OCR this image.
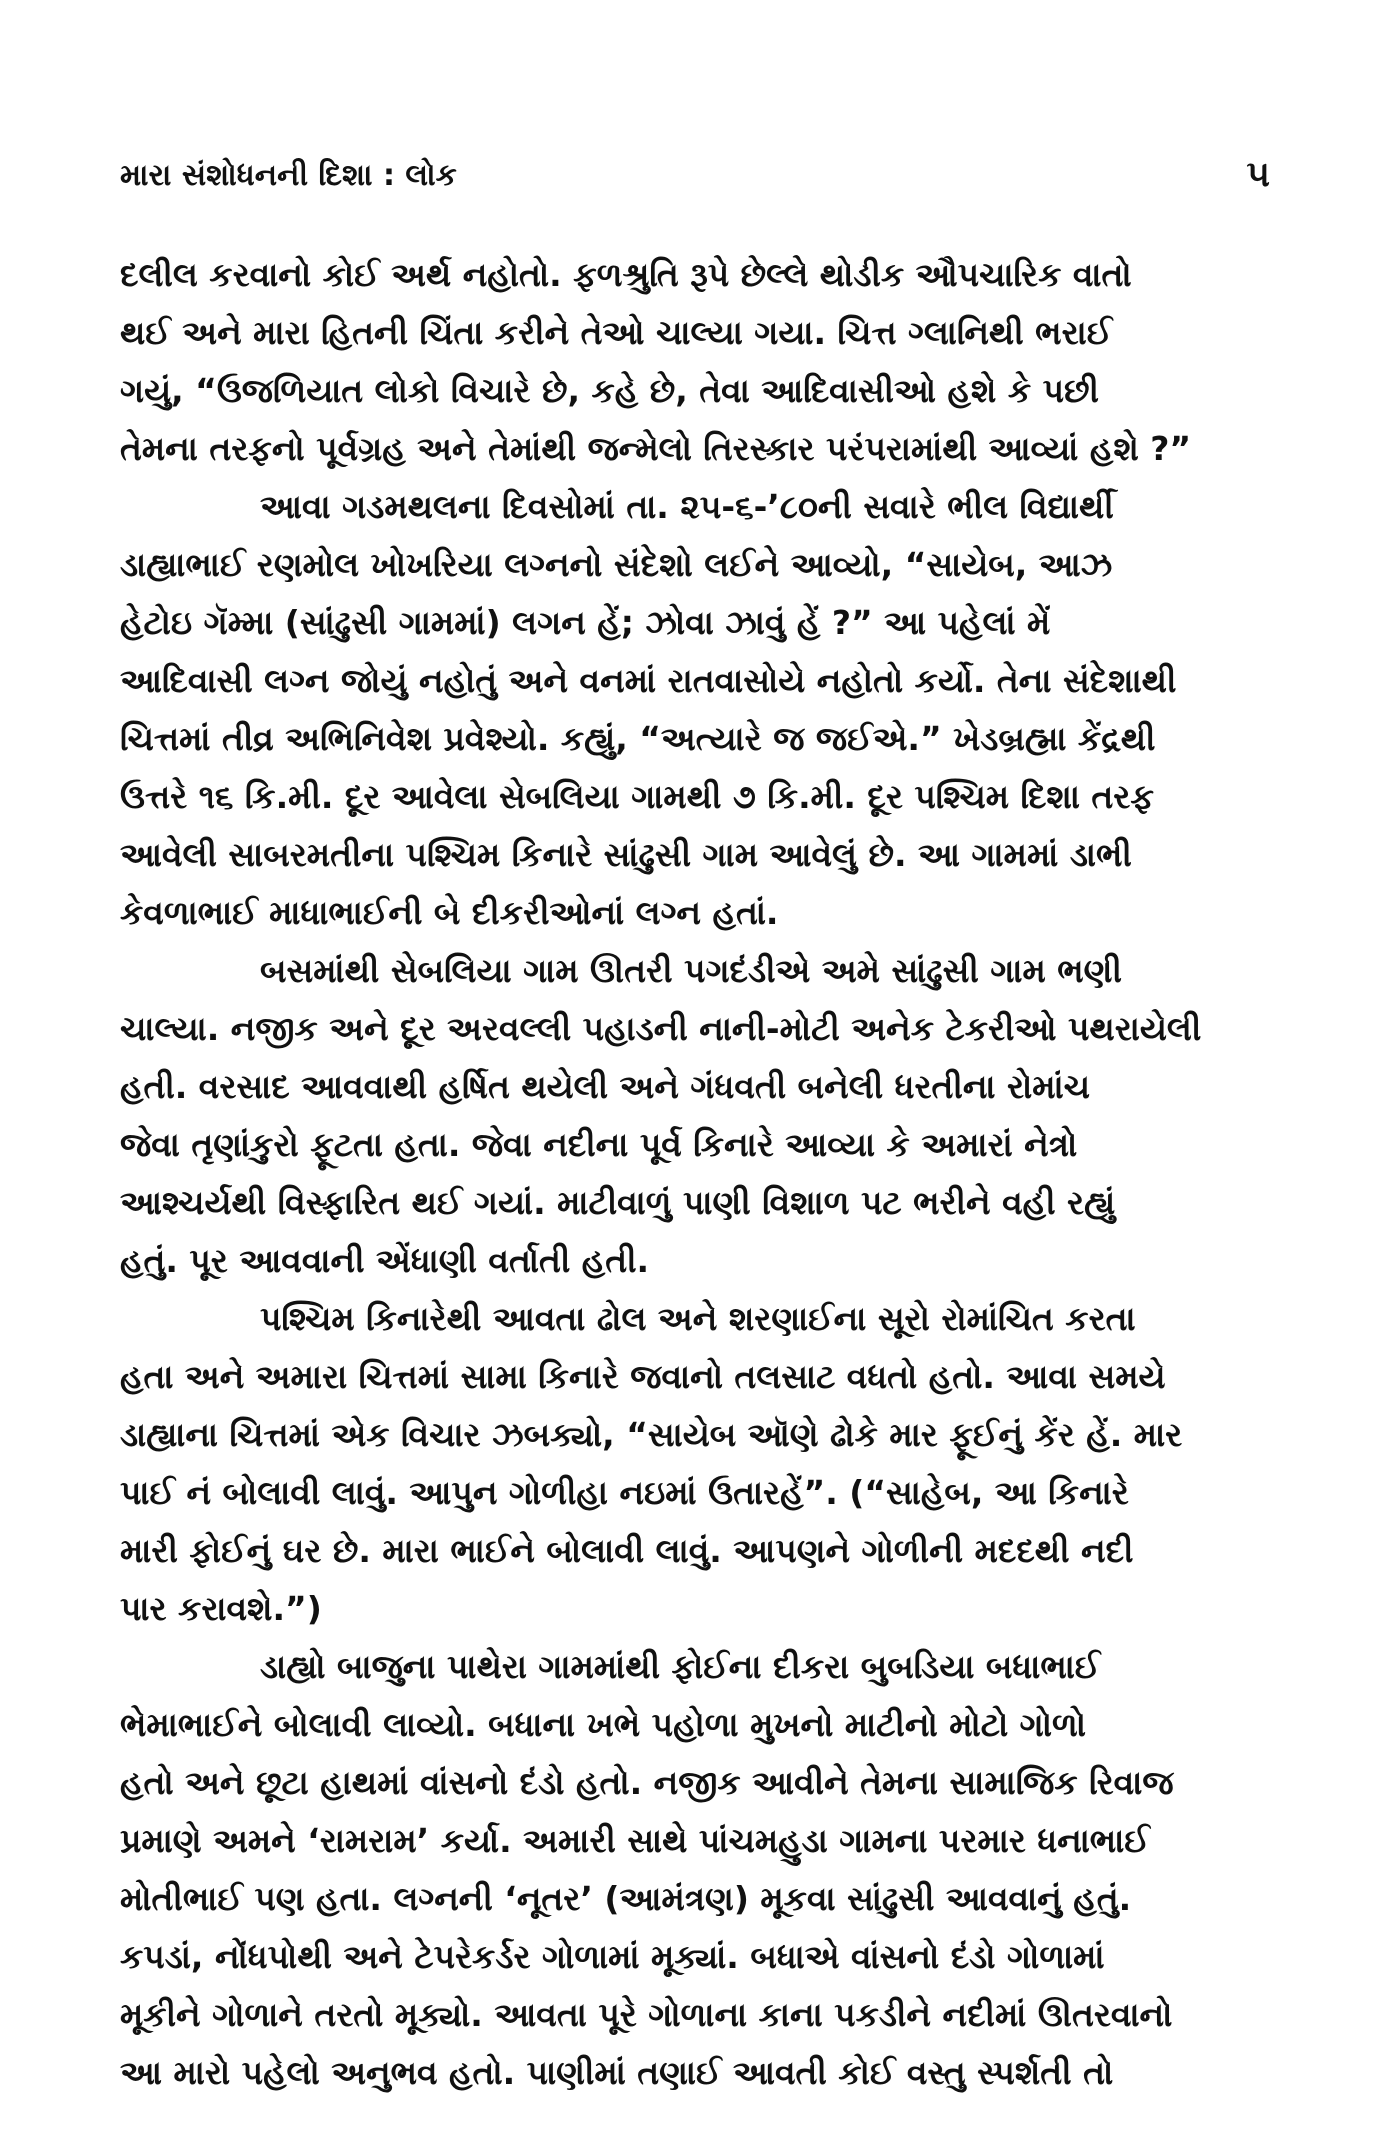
મારા સંશોધનની દિશા : લોક	૫
દલીલ કરવાનો કોઈ અર્થ નહોતો. ફળશ્રુતિ રૂપે છેલ્લે થોડીક ઔપચારિક વાતો
થઈ અને મારા હિતની ચિંતા કરીને તેઓ ચાલ્યા ગયા. ચિત્ત ગ્લાનિથી ભરાઈ
ગયું, “ઉજળિયાત લોકો વિચારે છે, કહે છે, તેવા આદિવાસીઓ હશે કે પછી
તેમના તરફનો પૂર્વગ્રહ અને તેમાંથી જન્મેલો તિરસ્કાર પરંપરામાંથી આવ્યાં હશે ?”
આવા ગડમથલના દિવસોમાં તા. ૨૫-૬-’૮૦ની સવારે ભીલ વિદ્યાર્થી
ડાહ્યાભાઈ રણમોલ ખોખરિયા લગ્નનો સંદેશો લઈને આવ્યો, “સાયેબ, આઝ
હેટોઇ ગૅમ્મા (સાંઢુસી ગામમાં) લગન હેં; ઝોવા ઝાવું હેં ?” આ પહેલાં મેં
આદિવાસી લગ્ન જોયું નહોતું અને વનમાં રાતવાસોયે નહોતો કર્યો. તેના સંદેશાથી
ચિત્તમાં તીવ્ર અભિનિવેશ પ્રવેશ્યો. કહ્યું, “અત્યારે જ જઈએ.” ખેડબ્રહ્મા કેંદ્રથી
ઉત્તરે ૧૬ કિ.મી. દૂર આવેલા સેબલિયા ગામથી ૭ કિ.મી. દૂર પશ્ચિમ દિશા તરફ
આવેલી સાબરમતીના પશ્ચિમ કિનારે સાંઢુસી ગામ આવેલું છે. આ ગામમાં ડાભી
કેવળાભાઈ માધાભાઈની બે દીકરીઓનાં લગ્ન હતાં.
બસમાંથી સેબલિયા ગામ ઊતરી પગદંડીએ અમે સાંઢુસી ગામ ભણી
ચાલ્યા. નજીક અને દૂર અરવલ્લી પહાડની નાની-મોટી અનેક ટેકરીઓ પથરાયેલી
હતી. વરસાદ આવવાથી હર્ષિત થયેલી અને ગંધવતી બનેલી ધરતીના રોમાંચ
જેવા તૃણાંકુરો ફૂટતા હતા. જેવા નદીના પૂર્વ કિનારે આવ્યા કે અમારાં નેત્રો
આશ્ચર્યથી વિસ્ફારિત થઈ ગયાં. માટીવાળું પાણી વિશાળ પટ ભરીને વહી રહ્યું
હતું. પૂર આવવાની એંધાણી વર્તાતી હતી.
પશ્ચિમ કિનારેથી આવતા ઢોલ અને શરણાઈના સૂરો રોમાંચિત કરતા
હતા અને અમારા ચિત્તમાં સામા કિનારે જવાનો તલસાટ વધતો હતો. આવા સમયે
ડાહ્યાના ચિત્તમાં એક વિચાર ઝબક્યો, “સાયેબ ઑણે ઢોકે માર ફૂઈનું કેંર હેં. માર
પાઈ નં બોલાવી લાવું. આપુન ગોળીહા નઇમાં ઉતારહેં”. (“સાહેબ, આ કિનારે
મારી ફોઈનું ઘર છે. મારા ભાઈને બોલાવી લાવું. આપણને ગોળીની મદદથી નદી
પાર કરાવશે.”)
ડાહ્યો બાજુના પાથેરા ગામમાંથી ફોઈના દીકરા બુબડિયા બધાભાઈ
ભેમાભાઈને બોલાવી લાવ્યો. બધાના ખભે પહોળા મુખનો માટીનો મોટો ગોળો
હતો અને છૂટા હાથમાં વાંસનો દંડો હતો. નજીક આવીને તેમના સામાજિક રિવાજ
પ્રમાણે અમને ‘રામરામ’ કર્યા. અમારી સાથે પાંચમહુડા ગામના પરમાર ધનાભાઈ
મોતીભાઈ પણ હતા. લગ્નની ‘નૂતર’ (આમંત્રણ) મૂકવા સાંઢુસી આવવાનું હતું.
કપડાં, નોંધપોથી અને ટેપરેકર્ડર ગોળામાં મૂક્યાં. બધાએ વાંસનો દંડો ગોળામાં
મૂકીને ગોળાને તરતો મૂક્યો. આવતા પૂરે ગોળાના કાના પકડીને નદીમાં ઊતરવાનો
આ મારો પહેલો અનુભવ હતો. પાણીમાં તણાઈ આવતી કોઈ વસ્તુ સ્પર્શતી તો
